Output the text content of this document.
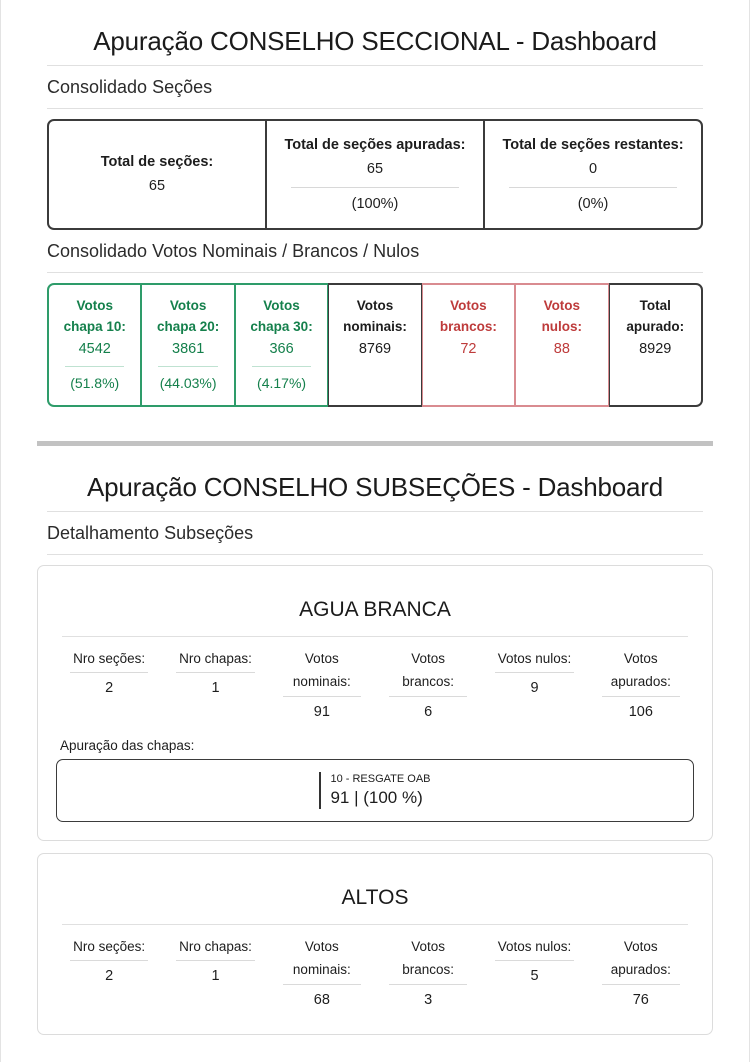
Apuração CONSELHO SECCIONAL - Dashboard
Consolidado Seções
Total de seções:
65
Total de seções apuradas:
65
(100%)
Total de seções restantes:
0
(0%)
Consolidado Votos Nominais / Brancos / Nulos
Votos
chapa 10:
4542
(51.8%)
Votos
chapa 20:
3861
(44.03%)
Votos
chapa 30:
366
(4.17%)
Votos
nominais:
8769
Votos
brancos:
72
Votos
nulos:
88
Total
apurado:
8929
Apuração CONSELHO SUBSEÇÕES - Dashboard
Detalhamento Subseções
AGUA BRANCA
Nro seções:
2
Nro chapas:
1
Votos
nominais:
91
Votos
brancos:
6
Votos nulos:
9
Votos
apurados:
106
Apuração das chapas:
10 - RESGATE OAB
91 | (100 %)
ALTOS
Nro seções:
2
Nro chapas:
1
Votos
nominais:
68
Votos
brancos:
3
Votos nulos:
5
Votos
apurados:
76
